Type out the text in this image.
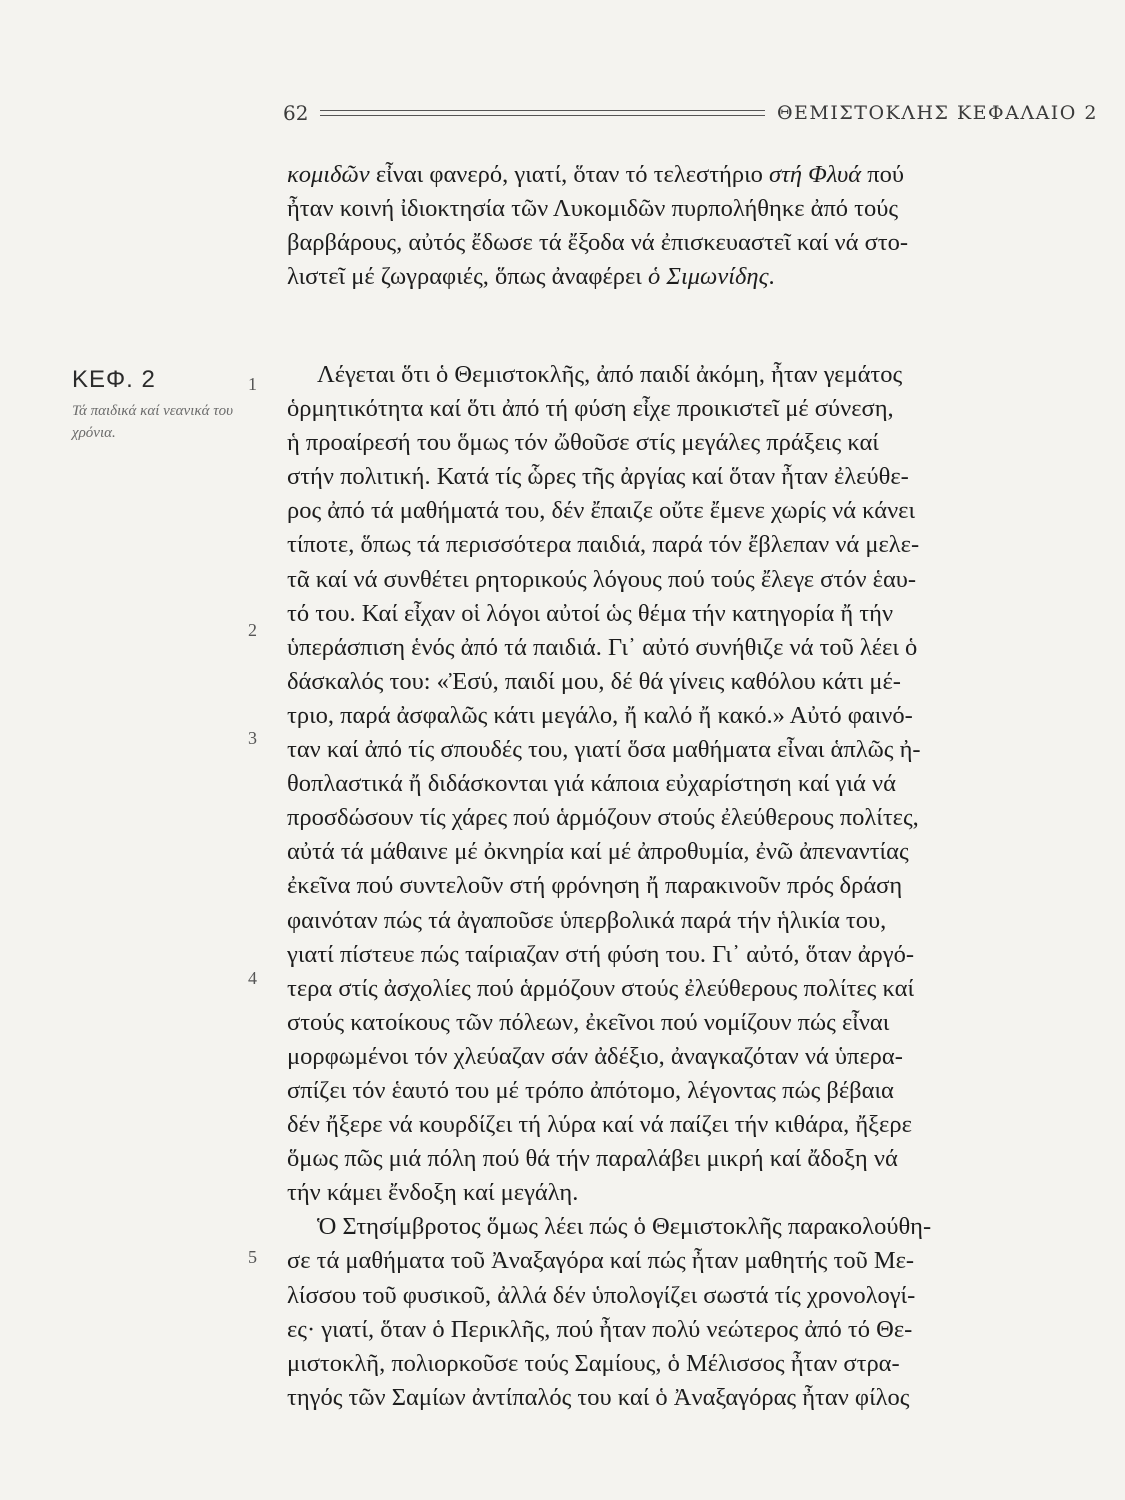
62	ΘΕΜΙΣΤΟΚΛΗΣ ΚΕΦΑΛΑΙΟ 2
κομιδῶν εἶναι φανερό, γιατί, ὅταν τό τελεστήριο στή Φλυά πού
ἦταν κοινή ἰδιοκτησία τῶν Λυκομιδῶν πυρπολήθηκε ἀπό τούς
βαρβάρους, αὐτός ἔδωσε τά ἔξοδα νά ἐπισκευαστεῖ καί νά στο-
λιστεῖ μέ ζωγραφιές, ὅπως ἀναφέρει ὁ Σιμωνίδης.
ΚΕΦ. 2
Τά παιδικά καί νεανικά του χρόνια.
1
2
3
4
5
Λέγεται ὅτι ὁ Θεμιστοκλῆς, ἀπό παιδί ἀκόμη, ἦταν γεμάτος
ὁρμητικότητα καί ὅτι ἀπό τή φύση εἶχε προικιστεῖ μέ σύνεση,
ἡ προαίρεσή του ὅμως τόν ὤθοῦσε στίς μεγάλες πράξεις καί
στήν πολιτική. Κατά τίς ὧρες τῆς ἀργίας καί ὅταν ἦταν ἐλεύθε-
ρος ἀπό τά μαθήματά του, δέν ἔπαιζε οὔτε ἔμενε χωρίς νά κάνει
τίποτε, ὅπως τά περισσότερα παιδιά, παρά τόν ἔβλεπαν νά μελε-
τᾶ καί νά συνθέτει ρητορικούς λόγους πού τούς ἔλεγε στόν ἑαυ-
τό του. Καί εἶχαν οἱ λόγοι αὐτοί ὡς θέμα τήν κατηγορία ἤ τήν
ὑπεράσπιση ἑνός ἀπό τά παιδιά. Γι᾽ αὐτό συνήθιζε νά τοῦ λέει ὁ
δάσκαλός του: «Ἐσύ, παιδί μου, δέ θά γίνεις καθόλου κάτι μέ-
τριο, παρά ἀσφαλῶς κάτι μεγάλο, ἤ καλό ἤ κακό.» Αὐτό φαινό-
ταν καί ἀπό τίς σπουδές του, γιατί ὅσα μαθήματα εἶναι ἁπλῶς ἠ-
θοπλαστικά ἤ διδάσκονται γιά κάποια εὐχαρίστηση καί γιά νά
προσδώσουν τίς χάρες πού ἁρμόζουν στούς ἐλεύθερους πολίτες,
αὐτά τά μάθαινε μέ ὀκνηρία καί μέ ἀπροθυμία, ἐνῶ ἀπεναντίας
ἐκεῖνα πού συντελοῦν στή φρόνηση ἤ παρακινοῦν πρός δράση
φαινόταν πώς τά ἀγαποῦσε ὑπερβολικά παρά τήν ἡλικία του,
γιατί πίστευε πώς ταίριαζαν στή φύση του. Γι᾽ αὐτό, ὅταν ἀργό-
τερα στίς ἀσχολίες πού ἁρμόζουν στούς ἐλεύθερους πολίτες καί
στούς κατοίκους τῶν πόλεων, ἐκεῖνοι πού νομίζουν πώς εἶναι
μορφωμένοι τόν χλεύαζαν σάν ἀδέξιο, ἀναγκαζόταν νά ὑπερα-
σπίζει τόν ἑαυτό του μέ τρόπο ἀπότομο, λέγοντας πώς βέβαια
δέν ἤξερε νά κουρδίζει τή λύρα καί νά παίζει τήν κιθάρα, ἤξερε
ὅμως πῶς μιά πόλη πού θά τήν παραλάβει μικρή καί ἄδοξη νά
τήν κάμει ἔνδοξη καί μεγάλη.
Ὁ Στησίμβροτος ὅμως λέει πώς ὁ Θεμιστοκλῆς παρακολούθη-
σε τά μαθήματα τοῦ Ἀναξαγόρα καί πώς ἦταν μαθητής τοῦ Με-
λίσσου τοῦ φυσικοῦ, ἀλλά δέν ὑπολογίζει σωστά τίς χρονολογί-
ες· γιατί, ὅταν ὁ Περικλῆς, πού ἦταν πολύ νεώτερος ἀπό τό Θε-
μιστοκλῆ, πολιορκοῦσε τούς Σαμίους, ὁ Μέλισσος ἦταν στρα-
τηγός τῶν Σαμίων ἀντίπαλός του καί ὁ Ἀναξαγόρας ἦταν φίλος
